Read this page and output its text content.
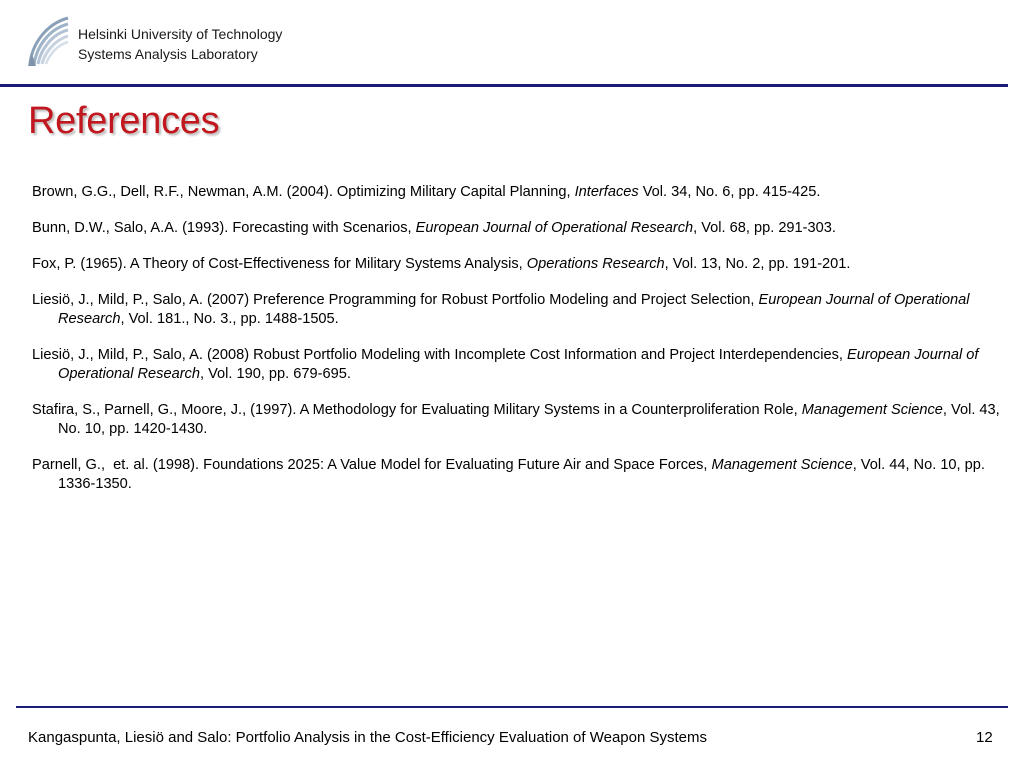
Helsinki University of Technology
Systems Analysis Laboratory
References
Brown, G.G., Dell, R.F., Newman, A.M. (2004). Optimizing Military Capital Planning, Interfaces Vol. 34, No. 6, pp. 415-425.
Bunn, D.W., Salo, A.A. (1993). Forecasting with Scenarios, European Journal of Operational Research, Vol. 68, pp. 291-303.
Fox, P. (1965). A Theory of Cost-Effectiveness for Military Systems Analysis, Operations Research, Vol. 13, No. 2, pp. 191-201.
Liesiö, J., Mild, P., Salo, A. (2007) Preference Programming for Robust Portfolio Modeling and Project Selection, European Journal of Operational Research, Vol. 181., No. 3., pp. 1488-1505.
Liesiö, J., Mild, P., Salo, A. (2008) Robust Portfolio Modeling with Incomplete Cost Information and Project Interdependencies, European Journal of Operational Research, Vol. 190, pp. 679-695.
Stafira, S., Parnell, G., Moore, J., (1997). A Methodology for Evaluating Military Systems in a Counterproliferation Role, Management Science, Vol. 43, No. 10, pp. 1420-1430.
Parnell, G.,  et. al. (1998). Foundations 2025: A Value Model for Evaluating Future Air and Space Forces, Management Science, Vol. 44, No. 10, pp. 1336-1350.
Kangaspunta, Liesiö and Salo: Portfolio Analysis in the Cost-Efficiency Evaluation of Weapon Systems	12
